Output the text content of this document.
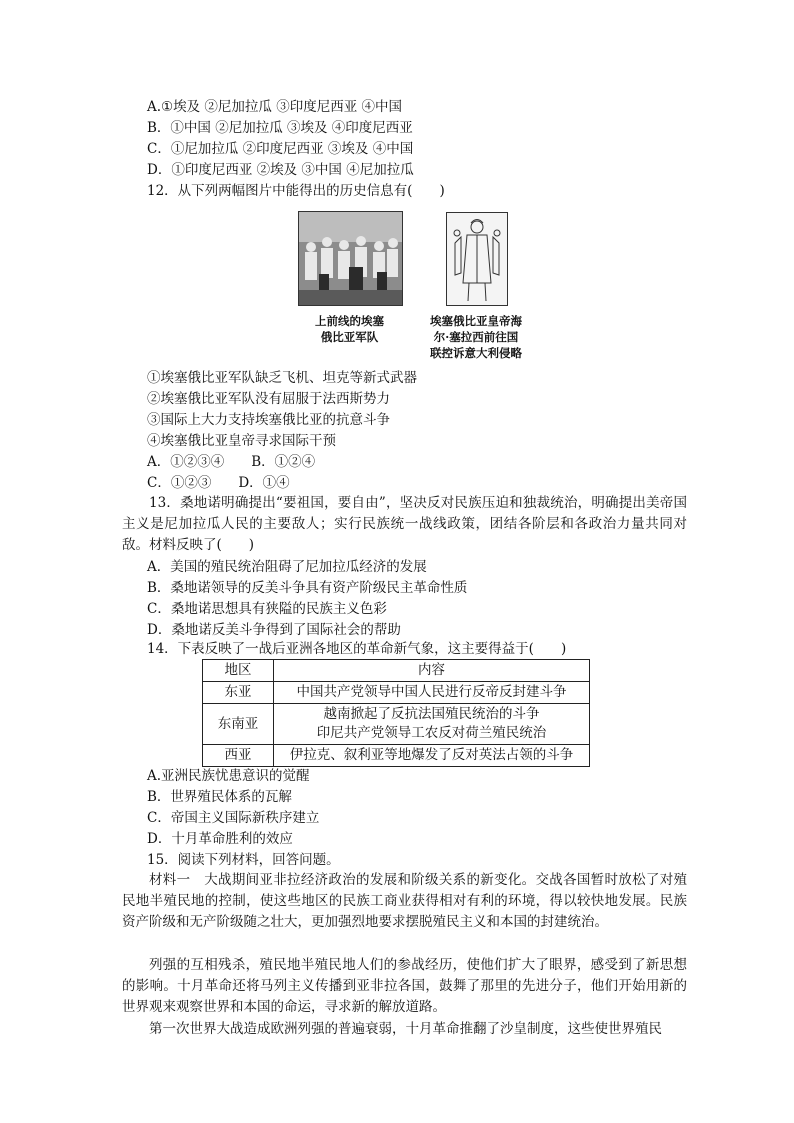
A.①埃及 ②尼加拉瓜 ③印度尼西亚 ④中国
B．①中国 ②尼加拉瓜 ③埃及 ④印度尼西亚
C．①尼加拉瓜 ②印度尼西亚 ③埃及 ④中国
D．①印度尼西亚 ②埃及 ③中国 ④尼加拉瓜
12．从下列两幅图片中能得出的历史信息有(　　)
上前线的埃塞
俄比亚军队
埃塞俄比亚皇帝海
尔·塞拉西前往国
联控诉意大利侵略
①埃塞俄比亚军队缺乏飞机、坦克等新式武器
②埃塞俄比亚军队没有屈服于法西斯势力
③国际上大力支持埃塞俄比亚的抗意斗争
④埃塞俄比亚皇帝寻求国际干预
A．①②③④　　B．①②④
C．①②③　　D．①④
13．桑地诺明确提出“要祖国，要自由”，坚决反对民族压迫和独裁统治，明确提出美帝国主义是尼加拉瓜人民的主要敌人；实行民族统一战线政策，团结各阶层和各政治力量共同对敌。材料反映了(　　)
A．美国的殖民统治阻碍了尼加拉瓜经济的发展
B．桑地诺领导的反美斗争具有资产阶级民主革命性质
C．桑地诺思想具有狭隘的民族主义色彩
D．桑地诺反美斗争得到了国际社会的帮助
14．下表反映了一战后亚洲各地区的革命新气象，这主要得益于(　　)
地区	内容
东亚	中国共产党领导中国人民进行反帝反封建斗争
东南亚	越南掀起了反抗法国殖民统治的斗争
印尼共产党领导工农反对荷兰殖民统治

西亚	伊拉克、叙利亚等地爆发了反对英法占领的斗争
A.亚洲民族忧患意识的觉醒
B．世界殖民体系的瓦解
C．帝国主义国际新秩序建立
D．十月革命胜利的效应
15．阅读下列材料，回答问题。
材料一　大战期间亚非拉经济政治的发展和阶级关系的新变化。交战各国暂时放松了对殖民地半殖民地的控制，使这些地区的民族工商业获得相对有利的环境，得以较快地发展。民族资产阶级和无产阶级随之壮大，更加强烈地要求摆脱殖民主义和本国的封建统治。
列强的互相残杀，殖民地半殖民地人们的参战经历，使他们扩大了眼界，感受到了新思想的影响。十月革命还将马列主义传播到亚非拉各国，鼓舞了那里的先进分子，他们开始用新的世界观来观察世界和本国的命运，寻求新的解放道路。
第一次世界大战造成欧洲列强的普遍衰弱，十月革命推翻了沙皇制度，这些使世界殖民
